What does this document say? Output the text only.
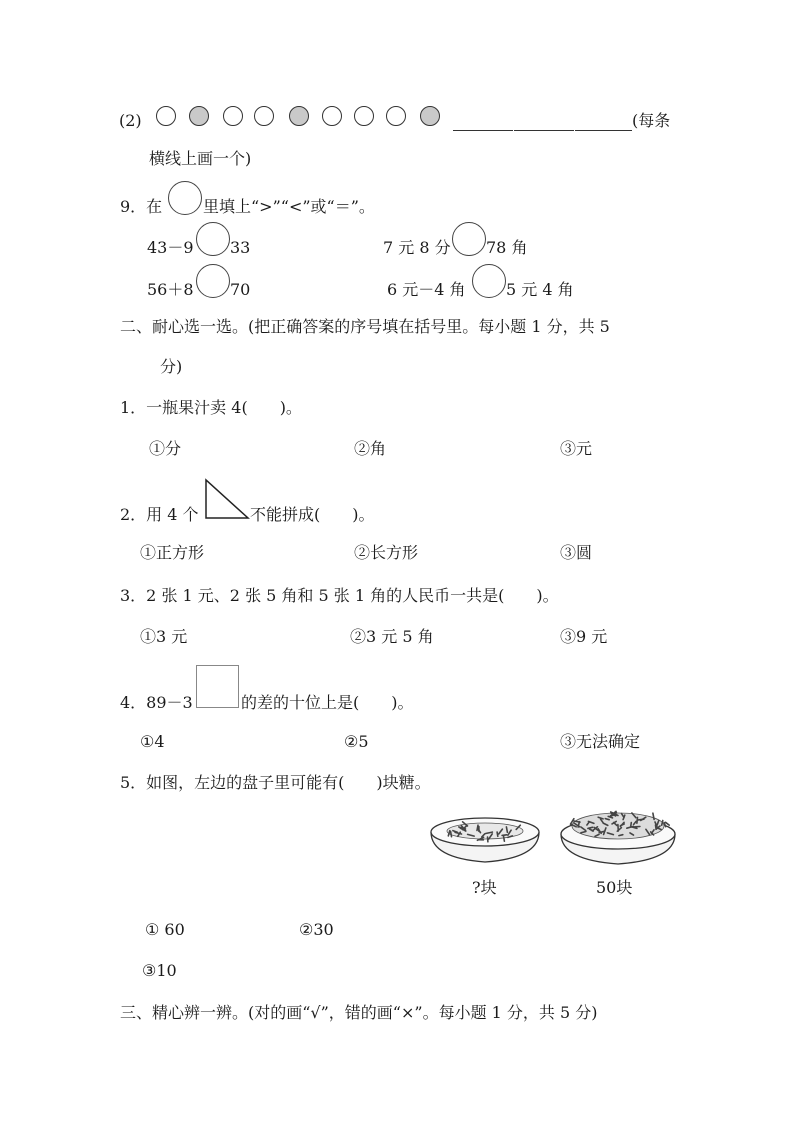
(2)	(每条
横线上画一个)
9．在	里填上“>”“<”或“＝”。
43－9 33	7 元 8 分 78 角
56＋8 70	6 元－4 角	5 元 4 角
二、耐心选一选。(把正确答案的序号填在括号里。每小题 1 分，共 5
分)
1．一瓶果汁卖 4(　　)。
①分	②角	③元
2．用 4 个	不能拼成(　　)。
①正方形	②长方形	③圆
3．2 张 1 元、2 张 5 角和 5 张 1 角的人民币一共是(　　)。
①3 元	②3 元 5 角	③9 元
4．89－3	的差的十位上是(　　)。
①4	②5	③无法确定
5．如图，左边的盘子里可能有(　　)块糖。
?块	50块
① 60	②30
③10
三、精心辨一辨。(对的画“√”，错的画“×”。每小题 1 分，共 5 分)
